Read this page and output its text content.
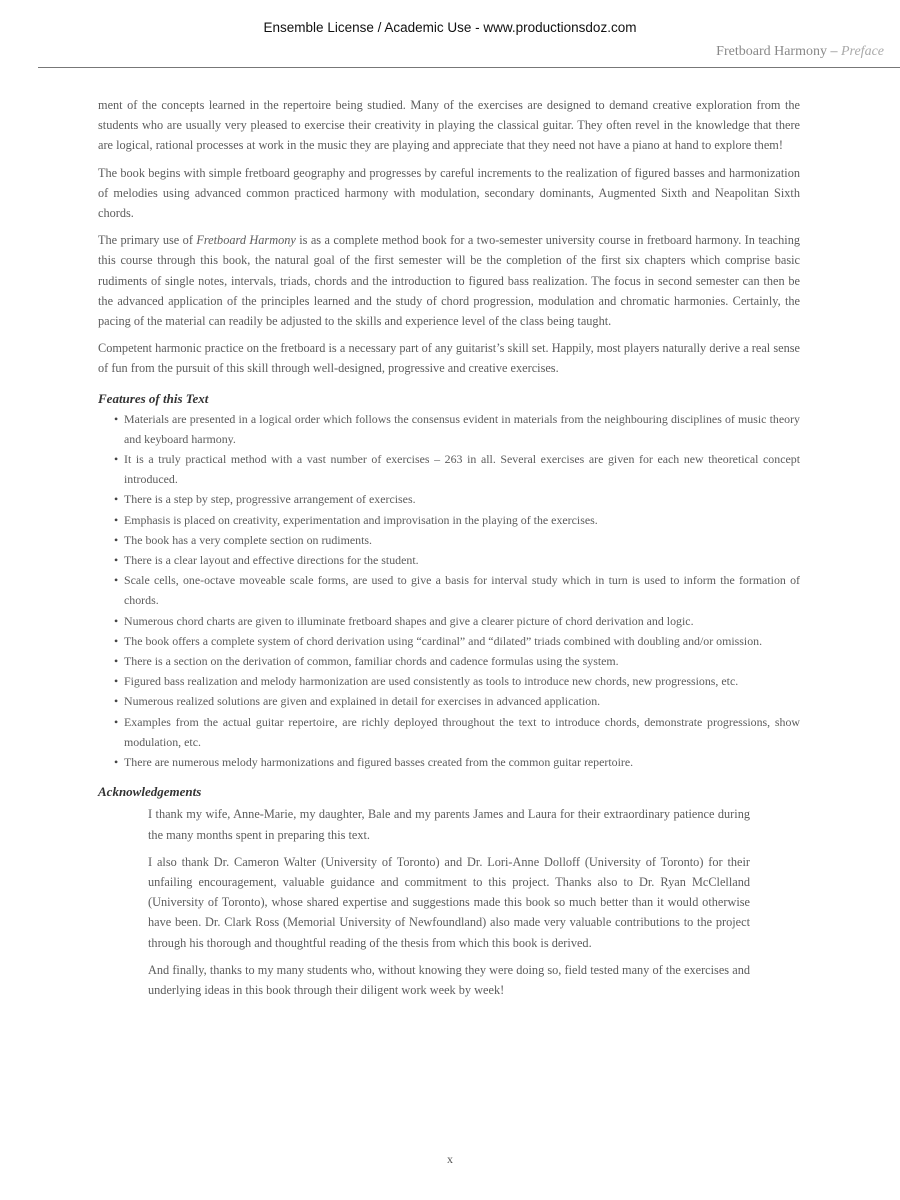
Ensemble License / Academic Use - www.productionsdoz.com
Fretboard Harmony – Preface

ment of the concepts learned in the repertoire being studied. Many of the exercises are designed to demand creative exploration from the students who are usually very pleased to exercise their creativity in playing the classical guitar. They often revel in the knowledge that there are logical, rational processes at work in the music they are playing and appreciate that they need not have a piano at hand to explore them!

The book begins with simple fretboard geography and progresses by careful increments to the realization of figured basses and harmonization of melodies using advanced common practiced harmony with modulation, secondary dominants, Augmented Sixth and Neapolitan Sixth chords.

The primary use of Fretboard Harmony is as a complete method book for a two-semester university course in fretboard harmony. In teaching this course through this book, the natural goal of the first semester will be the completion of the first six chapters which comprise basic rudiments of single notes, intervals, triads, chords and the introduction to figured bass realization. The focus in second semester can then be the advanced application of the principles learned and the study of chord progression, modulation and chromatic harmonies. Certainly, the pacing of the material can readily be adjusted to the skills and experience level of the class being taught.

Competent harmonic practice on the fretboard is a necessary part of any guitarist’s skill set. Happily, most players naturally derive a real sense of fun from the pursuit of this skill through well-designed, progressive and creative exercises.

Features of this Text
• Materials are presented in a logical order which follows the consensus evident in materials from the neighbouring disciplines of music theory and keyboard harmony.
• It is a truly practical method with a vast number of exercises – 263 in all. Several exercises are given for each new theoretical concept introduced.
• There is a step by step, progressive arrangement of exercises.
• Emphasis is placed on creativity, experimentation and improvisation in the playing of the exercises.
• The book has a very complete section on rudiments.
• There is a clear layout and effective directions for the student.
• Scale cells, one-octave moveable scale forms, are used to give a basis for interval study which in turn is used to inform the formation of chords.
• Numerous chord charts are given to illuminate fretboard shapes and give a clearer picture of chord derivation and logic.
• The book offers a complete system of chord derivation using “cardinal” and “dilated” triads combined with doubling and/or omission.
• There is a section on the derivation of common, familiar chords and cadence formulas using the system.
• Figured bass realization and melody harmonization are used consistently as tools to introduce new chords, new progressions, etc.
• Numerous realized solutions are given and explained in detail for exercises in advanced application.
• Examples from the actual guitar repertoire, are richly deployed throughout the text to introduce chords, demonstrate progressions, show modulation, etc.
• There are numerous melody harmonizations and figured basses created from the common guitar repertoire.
Acknowledgements

I thank my wife, Anne-Marie, my daughter, Bale and my parents James and Laura for their extraordinary patience during the many months spent in preparing this text.

I also thank Dr. Cameron Walter (University of Toronto) and Dr. Lori-Anne Dolloff (University of Toronto) for their unfailing encouragement, valuable guidance and commitment to this project. Thanks also to Dr. Ryan McClelland (University of Toronto), whose shared expertise and suggestions made this book so much better than it would otherwise have been. Dr. Clark Ross (Memorial University of Newfoundland) also made very valuable contributions to the project through his thorough and thoughtful reading of the thesis from which this book is derived.

And finally, thanks to my many students who, without knowing they were doing so, field tested many of the exercises and underlying ideas in this book through their diligent work week by week!

x
